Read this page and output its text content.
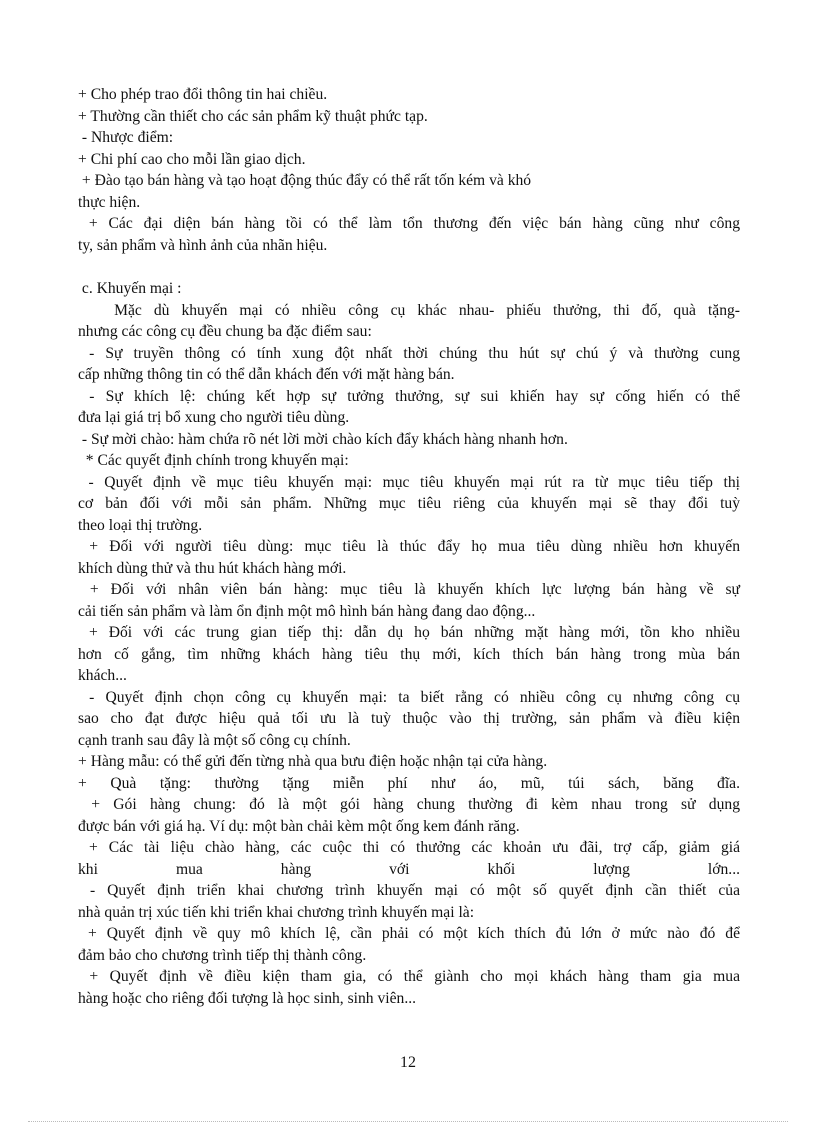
+ Cho phép trao đổi thông tin hai chiều.
+ Thường cần thiết cho các sản phẩm kỹ thuật phức tạp.
- Nhược điểm:
+ Chi phí cao cho mỗi lần giao dịch.
+ Đào tạo bán hàng và tạo hoạt động thúc đẩy có thể rất tốn kém và khó
thực hiện.
+ Các đại diện bán hàng tồi có thể làm tổn thương đến việc bán hàng cũng như công
ty, sản phẩm và hình ảnh của nhãn hiệu.
c. Khuyến mại :
Mặc dù khuyến mại có nhiều công cụ khác nhau- phiếu thưởng, thi đố, quà tặng-
nhưng các công cụ đều chung ba đặc điểm sau:
- Sự truyền thông có tính xung đột nhất thời chúng thu hút sự chú ý và thường cung
cấp những thông tin có thể dẫn khách đến với mặt hàng bán.
- Sự khích lệ: chúng kết hợp sự tưởng thưởng, sự sui khiến hay sự cống hiến có thể
đưa lại giá trị bổ xung cho người tiêu dùng.
- Sự mời chào: hàm chứa rõ nét lời mời chào kích đẩy khách hàng nhanh hơn.
* Các quyết định chính trong khuyến mại:
- Quyết định về mục tiêu khuyến mại: mục tiêu khuyến mại rút ra từ mục tiêu tiếp thị
cơ bản đối với mỗi sản phẩm. Những mục tiêu riêng của khuyến mại sẽ thay đổi tuỳ
theo loại thị trường.
+ Đối với người tiêu dùng: mục tiêu là thúc đẩy họ mua tiêu dùng nhiều hơn khuyến
khích dùng thử và thu hút khách hàng mới.
+ Đối với nhân viên bán hàng: mục tiêu là khuyến khích lực lượng bán hàng về sự
cải tiến sản phẩm và làm ổn định một mô hình bán hàng đang dao động...
+ Đối với các trung gian tiếp thị: dẫn dụ họ bán những mặt hàng mới, tồn kho nhiều
hơn cố gắng, tìm những khách hàng tiêu thụ mới, kích thích bán hàng trong mùa bán
khách...
- Quyết định chọn công cụ khuyến mại: ta biết rằng có nhiều công cụ nhưng công cụ
sao cho đạt được hiệu quả tối ưu là tuỳ thuộc vào thị trường, sản phẩm và điều kiện
cạnh tranh sau đây là một số công cụ chính.
+ Hàng mẫu: có thể gửi đến từng nhà qua bưu điện hoặc nhận tại cửa hàng.
+ Quà tặng: thường tặng miễn phí như áo, mũ, túi sách, băng đĩa.
+ Gói hàng chung: đó là một gói hàng chung thường đi kèm nhau trong sử dụng
được bán với giá hạ. Ví dụ: một bàn chải kèm một ống kem đánh răng.
+ Các tài liệu chào hàng, các cuộc thi có thưởng các khoản ưu đãi, trợ cấp, giảm giá
khi mua hàng với khối lượng lớn...
- Quyết định triển khai chương trình khuyến mại có một số quyết định cần thiết của
nhà quản trị xúc tiến khi triển khai chương trình khuyến mại là:
+ Quyết định về quy mô khích lệ, cần phải có một kích thích đủ lớn ở mức nào đó để
đảm bảo cho chương trình tiếp thị thành công.
+ Quyết định về điều kiện tham gia, có thể giành cho mọi khách hàng tham gia mua
hàng hoặc cho riêng đối tượng là học sinh, sinh viên...
12
